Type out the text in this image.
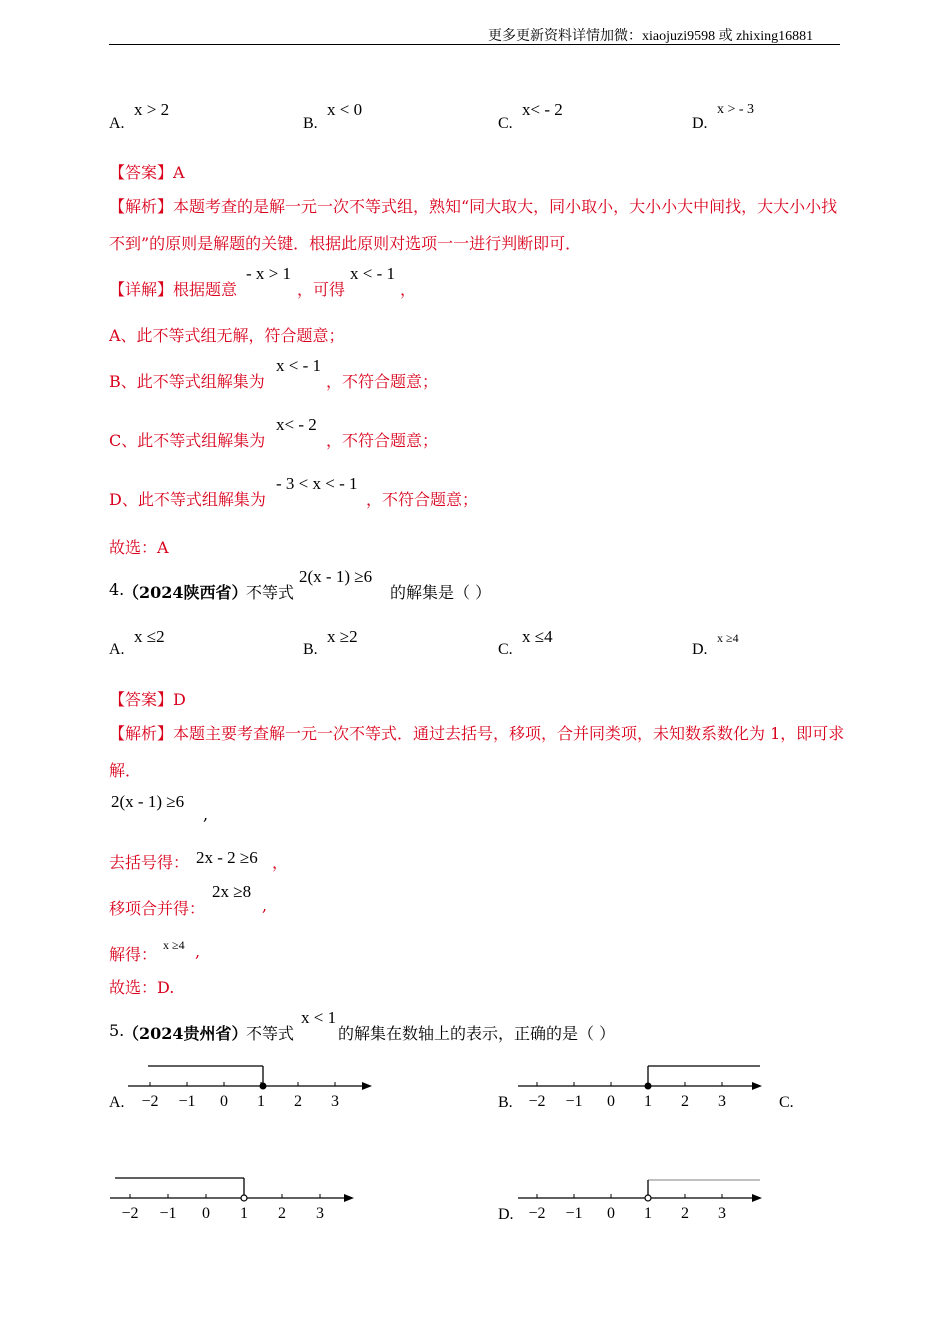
更多更新资料详情加微：xiaojuzi9598 或 zhixing16881
A.
x > 2
B.
x < 0
C.
x< - 2
D.
x > - 3
【答案】A
【解析】本题考查的是解一元一次不等式组，熟知“同大取大，同小取小，大小小大中间找，大大小小找
不到”的原则是解题的关键．根据此原则对选项一一进行判断即可．
【详解】根据题意
- x > 1
，可得
x < - 1
，
A、此不等式组无解，符合题意；
B、此不等式组解集为
x < - 1
，不符合题意；
C、此不等式组解集为
x< - 2
，不符合题意；
D、此不等式组解集为
- 3 < x < - 1
，不符合题意；
故选：A
4.
（2024陕西省）
不等式
2(x - 1) ≥6
的解集是（ ）
A.
x ≤2
B.
x ≥2
C.
x ≤4
D.
x ≥4
【答案】D
【解析】本题主要考查解一元一次不等式．通过去括号，移项，合并同类项，未知数系数化为 1，即可求
解．
2(x - 1) ≥6
,
去括号得： 2x - 2 ≥6 ，
移项合并得：
2x ≥8
,
解得： x ≥4 ,
故选：D.
5.
（2024贵州省）
不等式
x < 1
的解集在数轴上的表示，正确的是（ ）
A.	B.	C.
D.
−2 −1 0 1 2 3	−2 −1 0 1 2 3
−2 −1 0 1 2 3	−2 −1 0 1 2 3
